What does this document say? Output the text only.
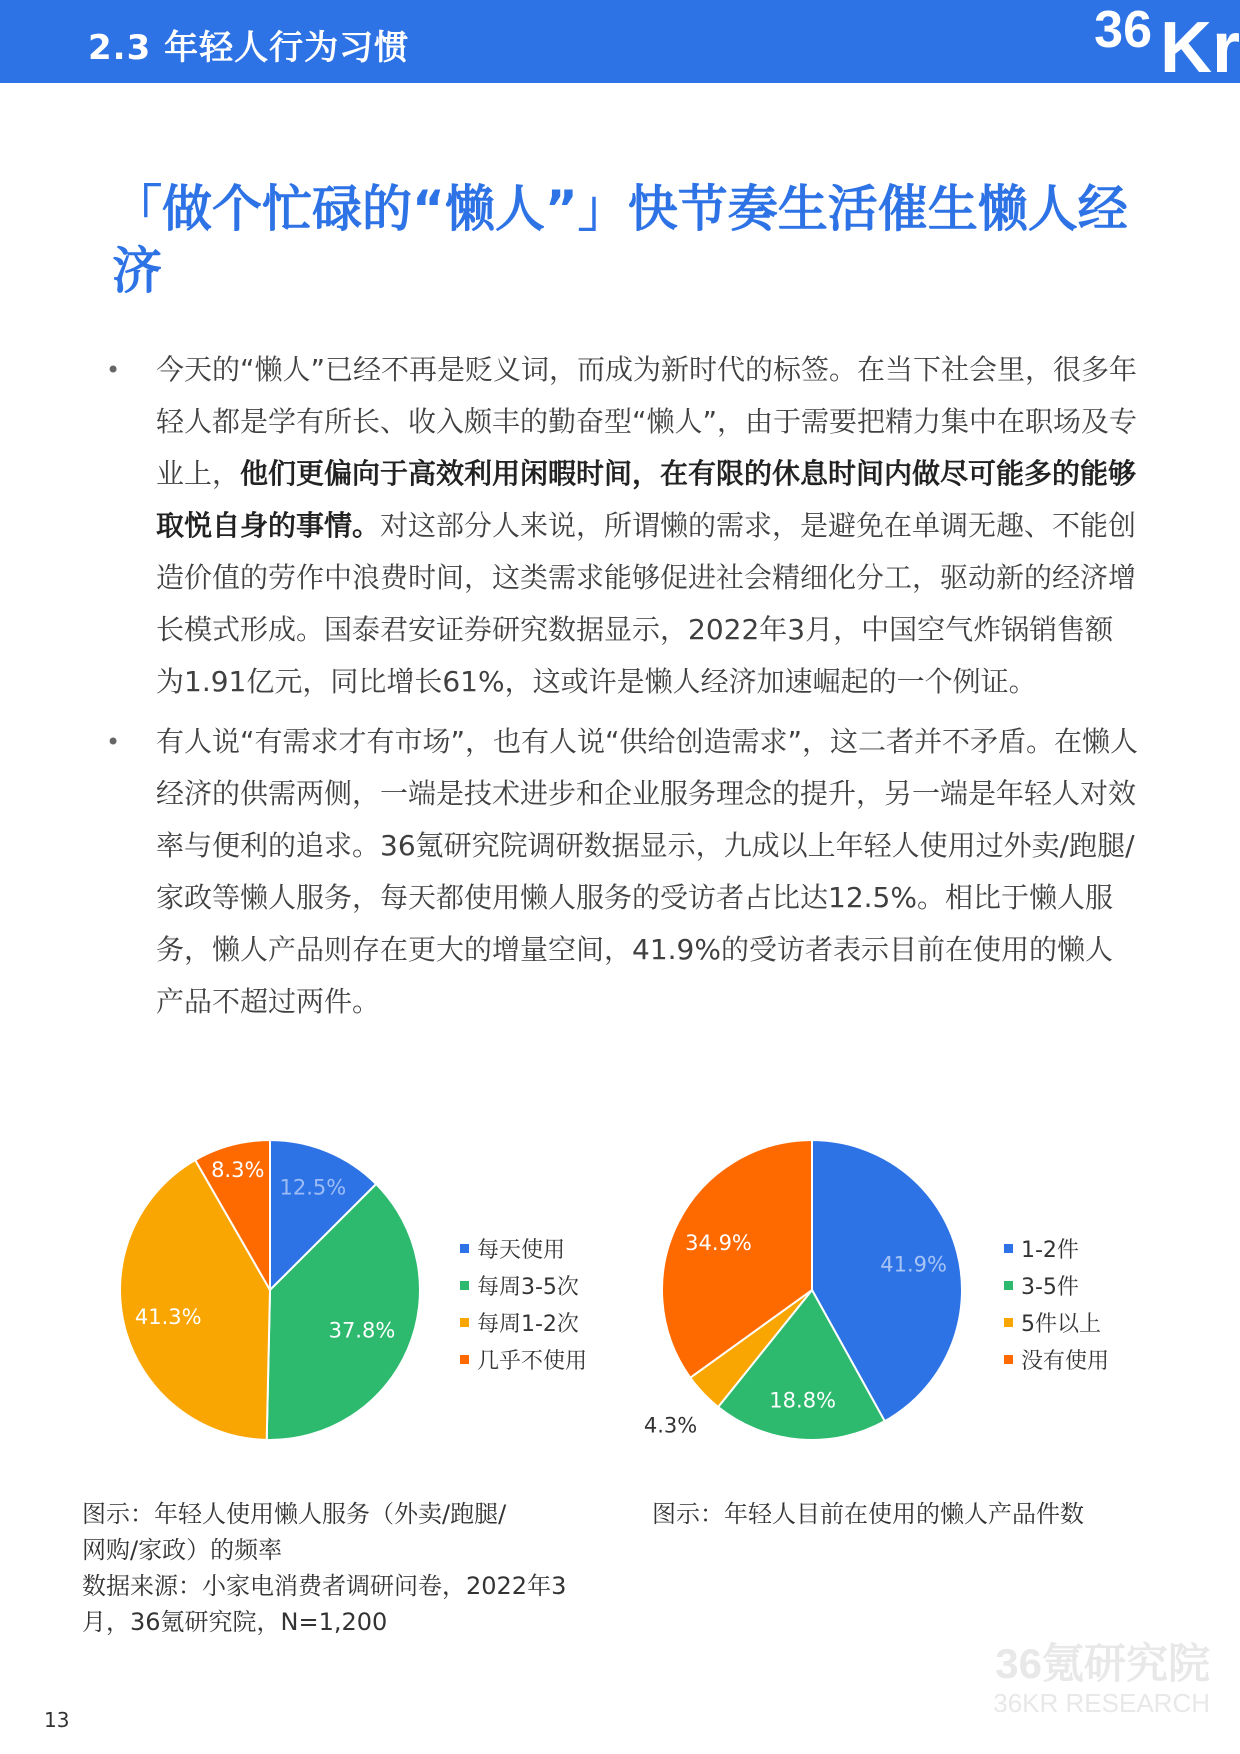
2.3 年轻人行为习惯	36 Kr
「做个忙碌的“懒人”」快节奏生活催生懒人经济
• 今天的“懒人”已经不再是贬义词，而成为新时代的标签。在当下社会里，很多年轻人都是学有所长、收入颇丰的勤奋型“懒人”，由于需要把精力集中在职场及专业上，他们更偏向于高效利用闲暇时间，在有限的休息时间内做尽可能多的能够取悦自身的事情。对这部分人来说，所谓懒的需求，是避免在单调无趣、不能创造价值的劳作中浪费时间，这类需求能够促进社会精细化分工，驱动新的经济增长模式形成。国泰君安证券研究数据显示，2022年3月，中国空气炸锅销售额为1.91亿元，同比增长61%，这或许是懒人经济加速崛起的一个例证。
• 有人说“有需求才有市场”，也有人说“供给创造需求”，这二者并不矛盾。在懒人经济的供需两侧，一端是技术进步和企业服务理念的提升，另一端是年轻人对效率与便利的追求。36氪研究院调研数据显示，九成以上年轻人使用过外卖/跑腿/家政等懒人服务，每天都使用懒人服务的受访者占比达12.5%。相比于懒人服务，懒人产品则存在更大的增量空间，41.9%的受访者表示目前在使用的懒人产品不超过两件。
12.5%
37.8%
41.3%
8.3%
每天使用
每周3-5次
每周1-2次
几乎不使用
41.9%
18.8%
4.3%
34.9%	1-2件
3-5件
5件以上
没有使用
图示：年轻人使用懒人服务（外卖/跑腿/
网购/家政）的频率
数据来源：小家电消费者调研问卷，2022年3月，36氪研究院，N=1,200
图示：年轻人目前在使用的懒人产品件数
13
36氪研究院
36KR RESEARCH
